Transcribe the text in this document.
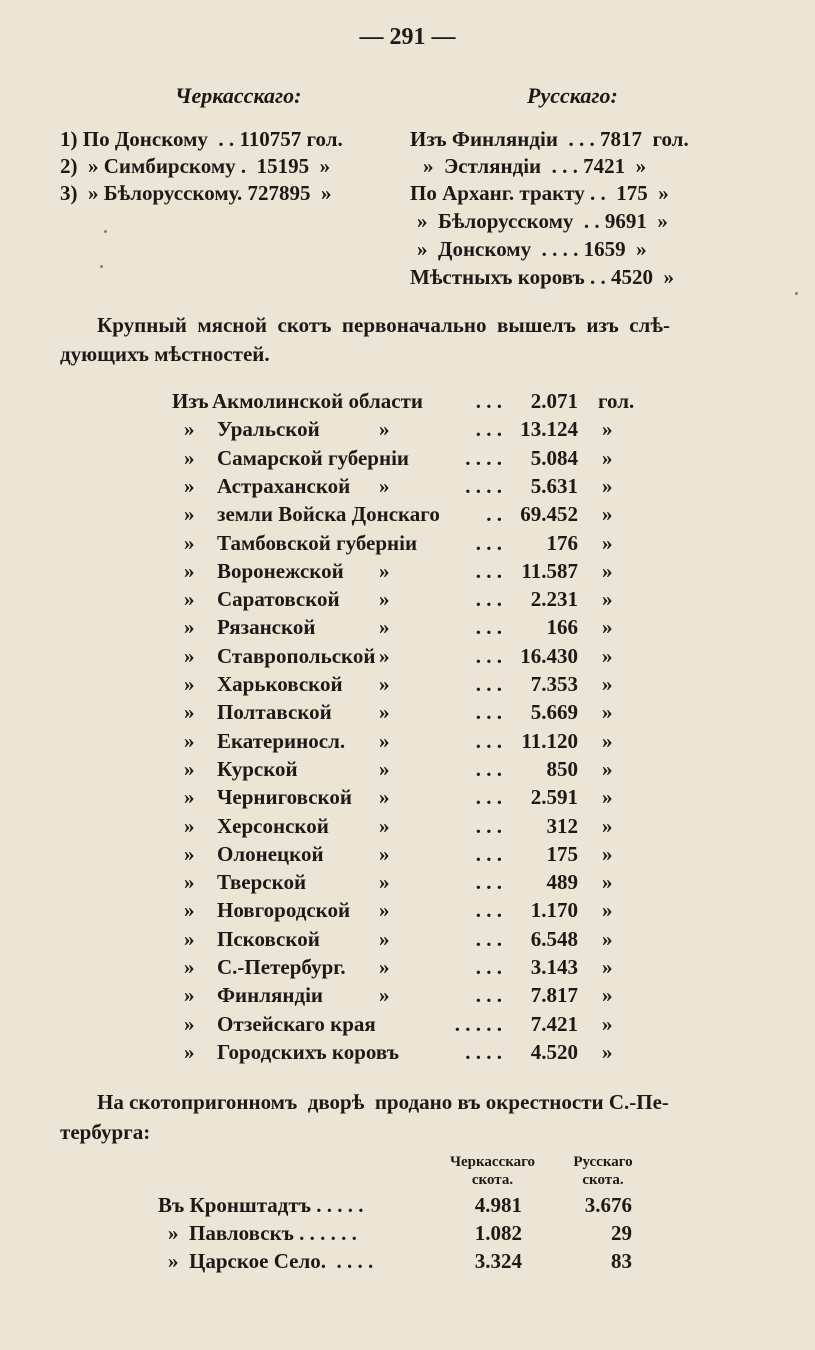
— 291 —
Черкасскаго:	Русскаго:
1) По Донскому  . . 110757 гол.
2)  » Симбирскому .  15195  »
3)  » Бѣлорусскому. 727895  »
Изъ Финляндіи  . . . 7817  гол.
»  Эстляндіи  . . . 7421  »
По Арханг. тракту . .  175  »
»  Бѣлорусскому  . . 9691  »
»  Донскому  . . . . 1659  »
Мѣстныхъ коровъ . . 4520  »
Крупный  мясной  скотъ  первоначально  вышелъ  изъ  слѣ-
дующихъ мѣстностей.
Изъ Акмолинской области	. . .	2.071 гол.
» Уральской	»	. . . 13.124 »
» Самарской губерніи	. . . .	5.084 »
» Астраханской »	. . . .	5.631 »
» земли Войска Донскаго	. . 69.452 »
» Тамбовской губерніи	. . .	176 »
» Воронежской »	. . . 11.587 »
» Саратовской »	. . .	2.231 »
» Рязанской	»	. . .	166 »
» Ставропольской »	. . . 16.430 »
» Харьковской »	. . .	7.353 »
» Полтавской »	. . .	5.669 »
» Екатериносл. »	. . . 11.120 »
» Курской	»	. . .	850 »
» Черниговской »	. . .	2.591 »
» Херсонской »	. . .	312 »
» Олонецкой	»	. . .	175 »
» Тверской	»	. . .	489 »
» Новгородской »	. . .	1.170 »
» Псковской	»	. . .	6.548 »
» С.-Петербург. »	. . .	3.143 »
» Финляндіи	»	. . .	7.817 »
» Отзейскаго края	. . . . .	7.421 »
» Городскихъ коровъ	. . . .	4.520 »
На скотопригонномъ  дворѣ  продано въ окрестности С.-Пе-
тербурга:
Черкасскаго
скота.
Русскаго
скота.
Въ Кронштадтъ . . . . .	4.981	3.676
»  Павловскъ . . . . . .	1.082	29
»  Царское Село.  . . . .	3.324	83
